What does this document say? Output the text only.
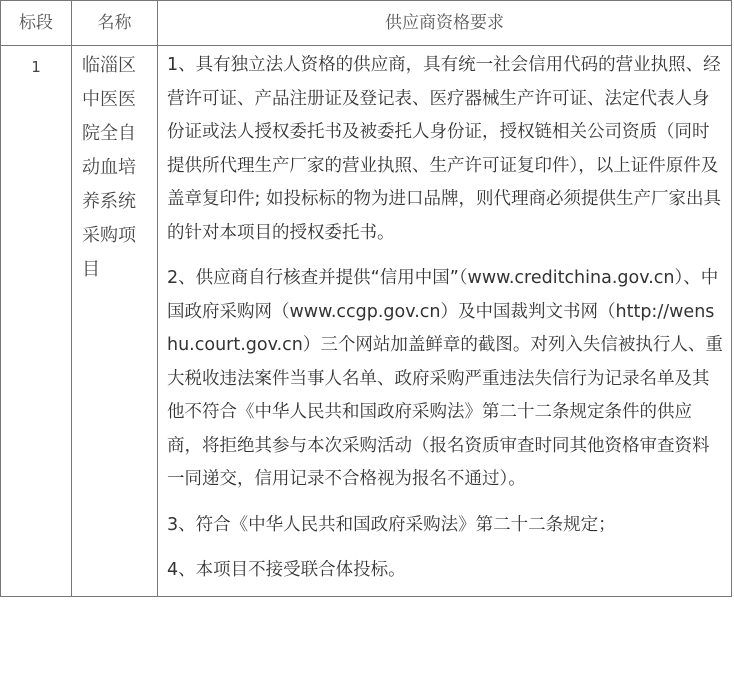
标段	名称	供应商资格要求
1	临淄区中医医院全自动血培养系统采购项目	1、具有独立法人资格的供应商，具有统一社会信用代码的营业执照、经营许可证、产品注册证及登记表、医疗器械生产许可证、法定代表人身份证或法人授权委托书及被委托人身份证，授权链相关公司资质（同时提供所代理生产厂家的营业执照、生产许可证复印件），以上证件原件及盖章复印件; 如投标标的物为进口品牌，则代理商必须提供生产厂家出具的针对本项目的授权委托书。

2、供应商自行核查并提供“信用中国”（www.creditchina.gov.cn）、中国政府采购网（www.ccgp.gov.cn）及中国裁判文书网（http://wenshu.court.gov.cn）三个网站加盖鲜章的截图。对列入失信被执行人、重大税收违法案件当事人名单、政府采购严重违法失信行为记录名单及其他不符合《中华人民共和国政府采购法》第二十二条规定条件的供应商，将拒绝其参与本次采购活动（报名资质审查时同其他资格审查资料一同递交，信用记录不合格视为报名不通过）。

3、符合《中华人民共和国政府采购法》第二十二条规定；

4、本项目不接受联合体投标。
